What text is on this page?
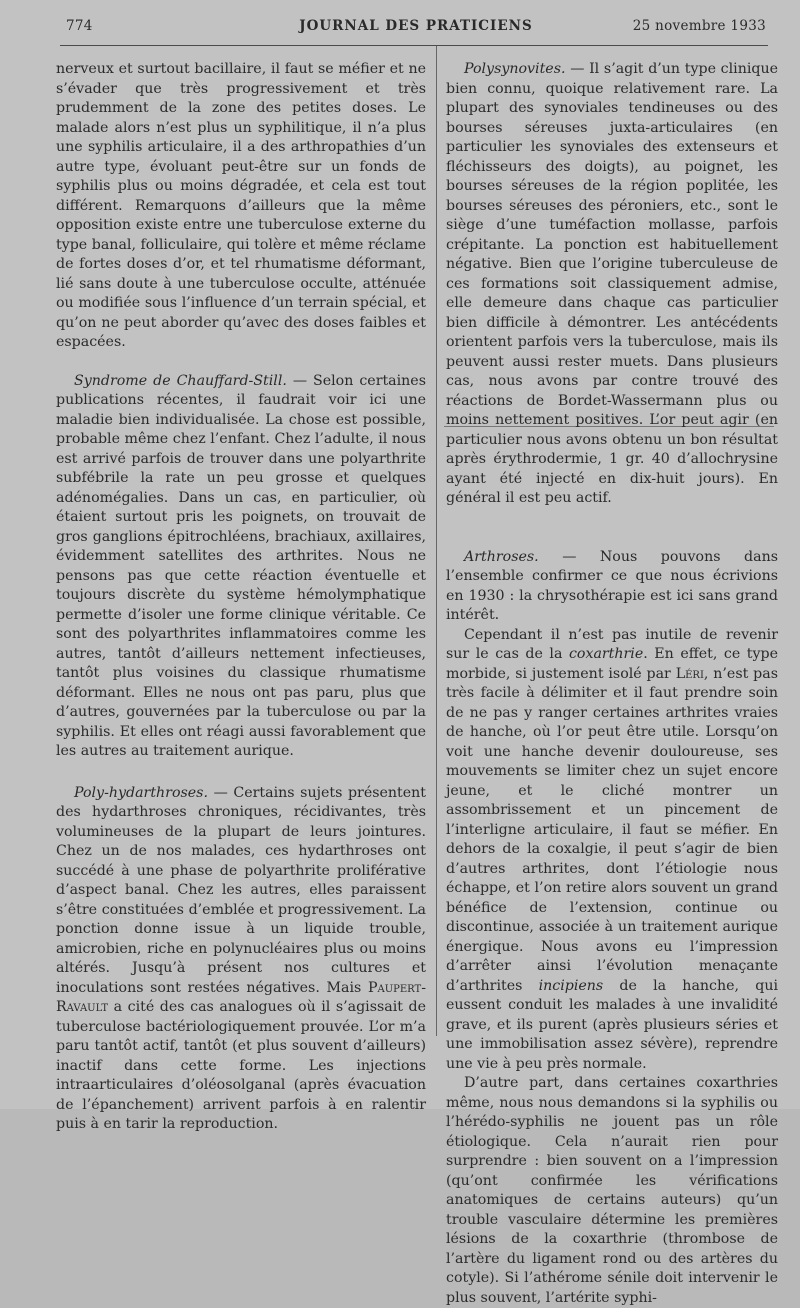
774	JOURNAL DES PRATICIENS	25 novembre 1933

nerveux et surtout bacillaire, il faut se méfier et ne s’évader que très progressivement et très prudemment de la zone des petites doses. Le malade alors n’est plus un syphilitique, il n’a plus une syphilis articulaire, il a des arthropathies d’un autre type, évoluant peut-être sur un fonds de syphilis plus ou moins dégradée, et cela est tout différent. Remarquons d’ailleurs que la même opposition existe entre une tuberculose externe du type banal, folliculaire, qui tolère et même réclame de fortes doses d’or, et tel rhumatisme déformant, lié sans doute à une tuberculose occulte, atténuée ou modifiée sous l’influence d’un terrain spécial, et qu’on ne peut aborder qu’avec des doses faibles et espacées.

Syndrome de Chauffard-Still. — Selon certaines publications récentes, il faudrait voir ici une maladie bien individualisée. La chose est possible, probable même chez l’enfant. Chez l’adulte, il nous est arrivé parfois de trouver dans une polyarthrite subfébrile la rate un peu grosse et quelques adénomégalies. Dans un cas, en particulier, où étaient surtout pris les poignets, on trouvait de gros ganglions épitrochléens, brachiaux, axillaires, évidemment satellites des arthrites. Nous ne pensons pas que cette réaction éventuelle et toujours discrète du système hémolymphatique permette d’isoler une forme clinique véritable. Ce sont des polyarthrites inflammatoires comme les autres, tantôt d’ailleurs nettement infectieuses, tantôt plus voisines du classique rhumatisme déformant. Elles ne nous ont pas paru, plus que d’autres, gouvernées par la tuberculose ou par la syphilis. Et elles ont réagi aussi favorablement que les autres au traitement aurique.

Poly-hydarthroses. — Certains sujets présentent des hydarthroses chroniques, récidivantes, très volumineuses de la plupart de leurs jointures. Chez un de nos malades, ces hydarthroses ont succédé à une phase de polyarthrite proliférative d’aspect banal. Chez les autres, elles paraissent s’être constituées d’emblée et progressivement. La ponction donne issue à un liquide trouble, amicrobien, riche en polynucléaires plus ou moins altérés. Jusqu’à présent nos cultures et inoculations sont restées négatives. Mais Paupert-Ravault a cité des cas analogues où il s’agissait de tuberculose bactériologiquement prouvée. L’or m’a paru tantôt actif, tantôt (et plus souvent d’ailleurs) inactif dans cette forme. Les injections intraarticulaires d’oléosolganal (après évacuation de l’épanchement) arrivent parfois à en ralentir puis à en tarir la reproduction.

Polysynovites. — Il s’agit d’un type clinique bien connu, quoique relativement rare. La plupart des synoviales tendineuses ou des bourses séreuses juxta-articulaires (en particulier les synoviales des extenseurs et fléchisseurs des doigts), au poignet, les bourses séreuses de la région poplitée, les bourses séreuses des péroniers, etc., sont le siège d’une tuméfaction mollasse, parfois crépitante. La ponction est habituellement négative. Bien que l’origine tuberculeuse de ces formations soit classiquement admise, elle demeure dans chaque cas particulier bien difficile à démontrer. Les antécédents orientent parfois vers la tuberculose, mais ils peuvent aussi rester muets. Dans plusieurs cas, nous avons par contre trouvé des réactions de Bordet-Wassermann plus ou moins nettement positives. L’or peut agir (en particulier nous avons obtenu un bon résultat après érythrodermie, 1 gr. 40 d’allochrysine ayant été injecté en dix-huit jours). En général il est peu actif.

Arthroses. — Nous pouvons dans l’ensemble confirmer ce que nous écrivions en 1930 : la chrysothérapie est ici sans grand intérêt.

Cependant il n’est pas inutile de revenir sur le cas de la coxarthrie. En effet, ce type morbide, si justement isolé par Léri, n’est pas très facile à délimiter et il faut prendre soin de ne pas y ranger certaines arthrites vraies de hanche, où l’or peut être utile. Lorsqu’on voit une hanche devenir douloureuse, ses mouvements se limiter chez un sujet encore jeune, et le cliché montrer un assombrissement et un pincement de l’interligne articulaire, il faut se méfier. En dehors de la coxalgie, il peut s’agir de bien d’autres arthrites, dont l’étiologie nous échappe, et l’on retire alors souvent un grand bénéfice de l’extension, continue ou discontinue, associée à un traitement aurique énergique. Nous avons eu l’impression d’arrêter ainsi l’évolution menaçante d’arthrites incipiens de la hanche, qui eussent conduit les malades à une invalidité grave, et ils purent (après plusieurs séries et une immobilisation assez sévère), reprendre une vie à peu près normale.

D’autre part, dans certaines coxarthries même, nous nous demandons si la syphilis ou l’hérédo-syphilis ne jouent pas un rôle étiologique. Cela n’aurait rien pour surprendre : bien souvent on a l’impression (qu’ont confirmée les vérifications anatomiques de certains auteurs) qu’un trouble vasculaire détermine les premières lésions de la coxarthrie (thrombose de l’artère du ligament rond ou des artères du cotyle). Si l’athérome sénile doit intervenir le plus souvent, l’artérite syphi-
